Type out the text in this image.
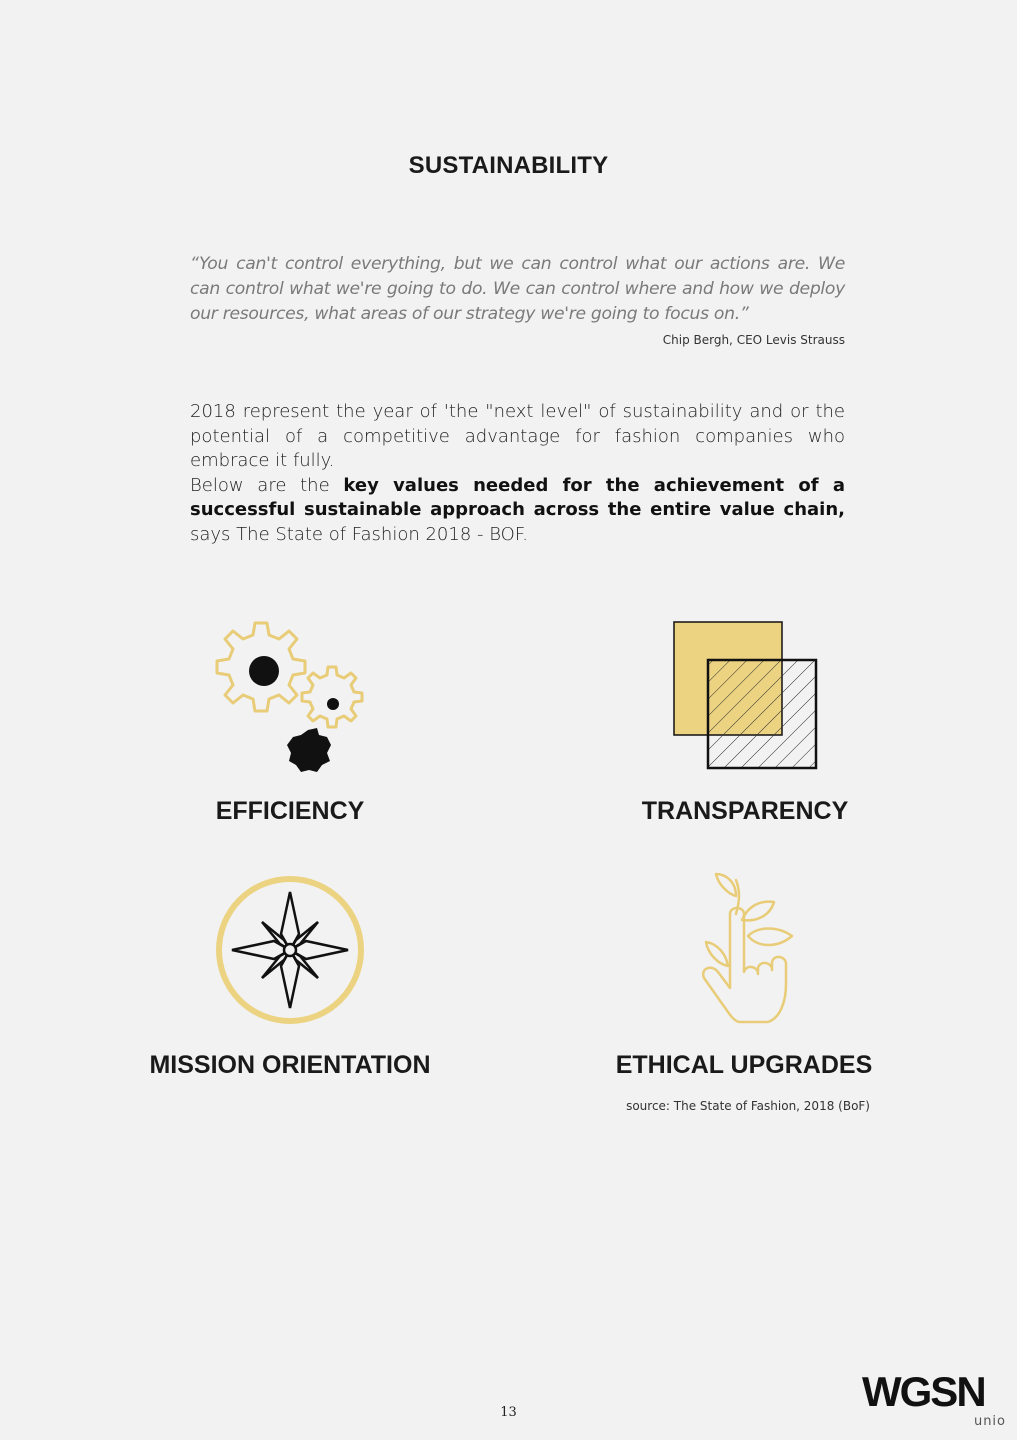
SUSTAINABILITY
“You can't control everything, but we can control what our actions are. We can control what we're going to do. We can control where and how we deploy our resources, what areas of our strategy we're going to focus on.”
Chip Bergh, CEO Levis Strauss

2018 represent the year of 'the "next level" of sustainability and or the potential of a competitive advantage for fashion companies who embrace it fully.

Below are the key values needed for the achievement of a successful sustainable approach across the entire value chain, says The State of Fashion 2018 - BOF.

EFFICIENCY	TRANSPARENCY
MISSION ORIENTATION	ETHICAL UPGRADES
source: The State of Fashion, 2018 (BoF)
13	WGSN
unio
